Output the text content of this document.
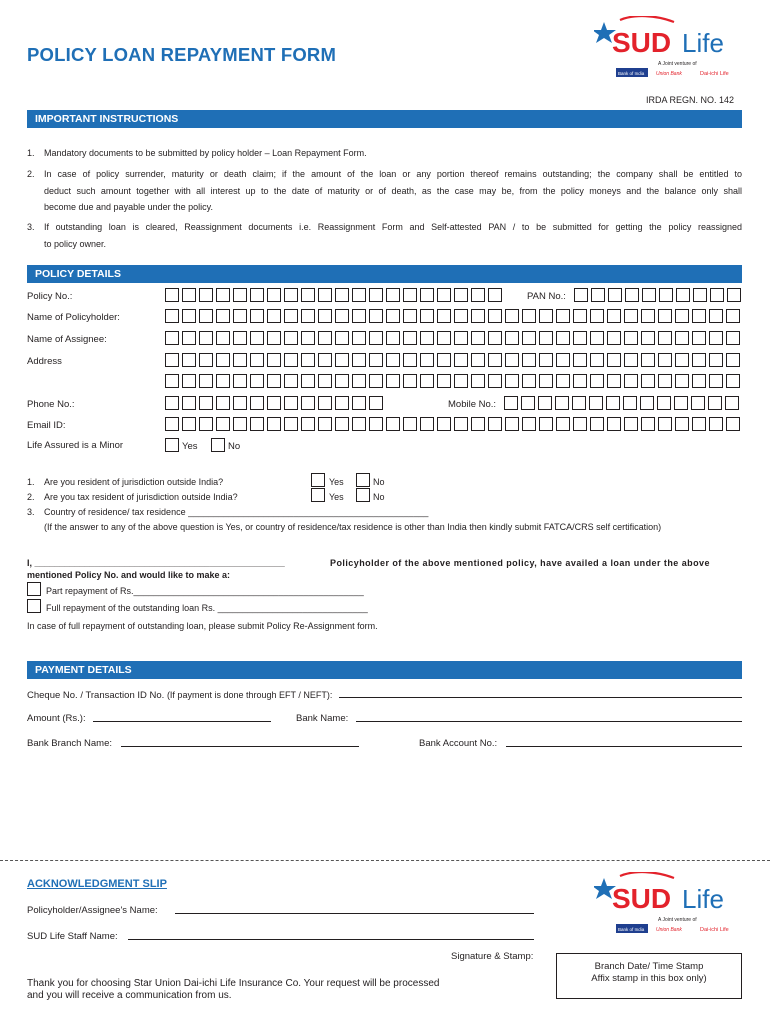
POLICY LOAN REPAYMENT FORM	SUD Life
A Joint venture of
Bank of India Union Bank	Dai-ichi Life
IRDA REGN. NO. 142
IMPORTANT INSTRUCTIONS
1. Mandatory documents to be submitted by policy holder – Loan Repayment Form.
2. In case of policy surrender, maturity or death claim; if the amount of the loan or any portion thereof remains outstanding; the company shall be entitled to
deduct such amount together with all interest up to the date of maturity or of death, as the case may be, from the policy moneys and the balance only shall
become due and payable under the policy.
3. If outstanding loan is cleared, Reassignment documents i.e. Reassignment Form and Self-attested PAN / to be submitted for getting the policy reassigned
to policy owner.
POLICY DETAILS
Policy No.:	PAN No.:
Name of Policyholder:
Name of Assignee:
Address
Phone No.:	Mobile No.:
Email ID:
Life Assured is a Minor	Yes	No
1. Are you resident of jurisdiction outside India?	Yes	No
2. Are you tax resident of jurisdiction outside India?	Yes	No
3. Country of residence/ tax residence ________________________________________________
(If the answer to any of the above question is Yes, or country of residence/tax residence is other than India then kindly submit FATCA/CRS self certification)
I, __________________________________________________	Policyholder of the above mentioned policy, have availed a loan under the above
mentioned Policy No. and would like to make a:
Part repayment of Rs.______________________________________________
Full repayment of the outstanding loan Rs. ______________________________
In case of full repayment of outstanding loan, please submit Policy Re-Assignment form.
PAYMENT DETAILS
Cheque No. / Transaction ID No. (If payment is done through EFT / NEFT):
Amount (Rs.):	Bank Name:
Bank Branch Name:	Bank Account No.:
ACKNOWLEDGMENT SLIP	SUD Life
A Joint venture of
Bank of India Union Bank	Dai-ichi Life
Policyholder/Assignee's Name:
SUD Life Staff Name:
Signature & Stamp:
Thank you for choosing Star Union Dai-ichi Life Insurance Co. Your request will be processed
and you will receive a communication from us.
Branch Date/ Time Stamp
Affix stamp in this box only)
